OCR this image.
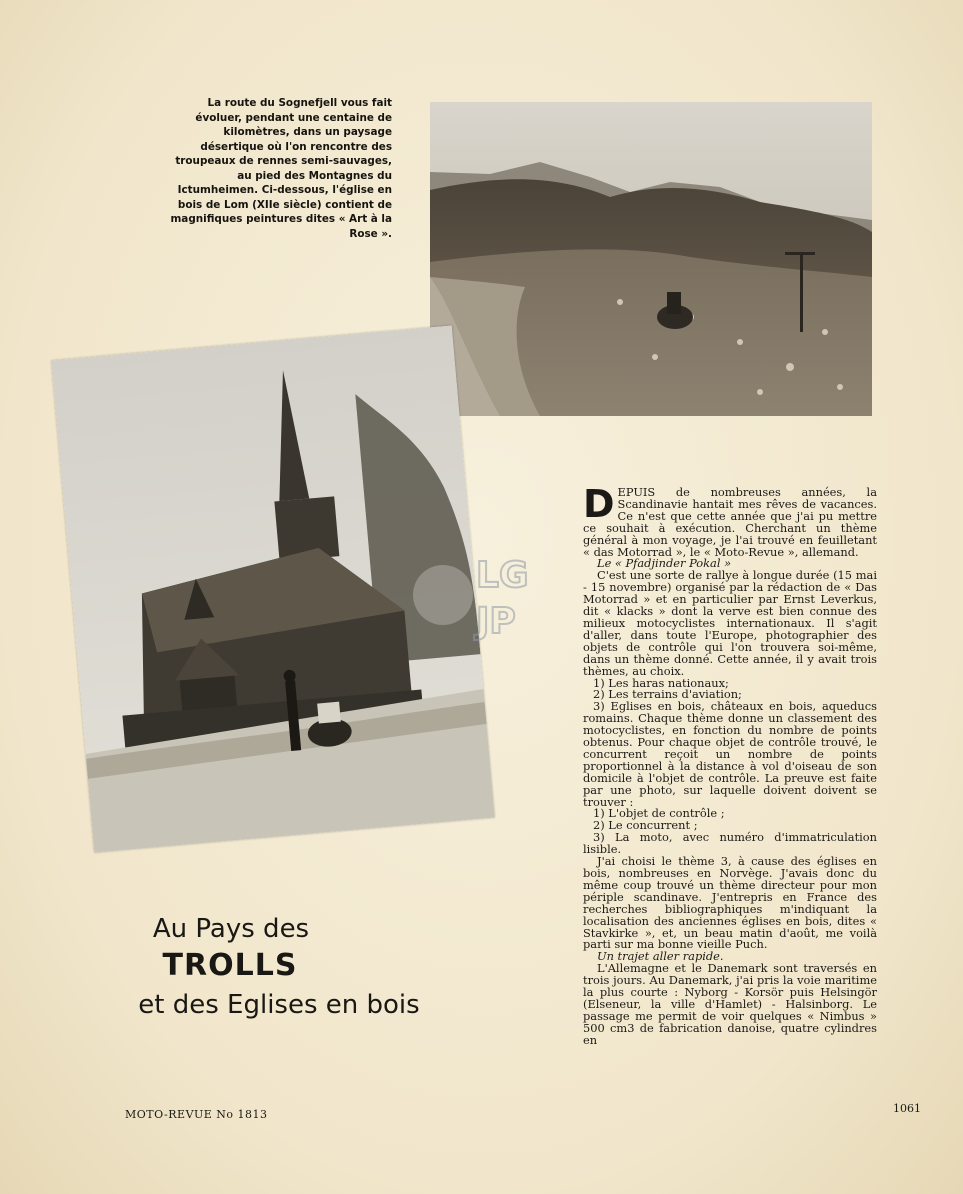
La route du Sognefjell vous fait évoluer, pendant une centaine de kilomètres, dans un paysage désertique où l'on rencontre des troupeaux de rennes semi-sauvages, au pied des Montagnes du Ictumheimen. Ci-dessous, l'église en bois de Lom (XIIe siècle) contient de magnifiques peintures dites « Art à la Rose ».
LG
JP
Au Pays des
TROLLS
et des Eglises en bois

DEPUIS de nombreuses années, la Scandinavie hantait mes rêves de vacances. Ce n'est que cette année que j'ai pu mettre ce souhait à exécution. Cherchant un thème général à mon voyage, je l'ai trouvé en feuilletant « das Motorrad », le « Moto-Revue », allemand.

Le « Pfadjinder Pokal »

C'est une sorte de rallye à longue durée (15 mai - 15 novembre) organisé par la rédaction de « Das Motorrad » et en particulier par Ernst Leverkus, dit « klacks » dont la verve est bien connue des milieux motocyclistes internationaux. Il s'agit d'aller, dans toute l'Europe, photographier des objets de contrôle qui l'on trouvera soi-même, dans un thème donné. Cette année, il y avait trois thèmes, au choix.

1) Les haras nationaux;

2) Les terrains d'aviation;

3) Eglises en bois, châteaux en bois, aqueducs romains. Chaque thème donne un classement des motocyclistes, en fonction du nombre de points obtenus. Pour chaque objet de contrôle trouvé, le concurrent reçoit un nombre de points proportionnel à la distance à vol d'oiseau de son domicile à l'objet de contrôle. La preuve est faite par une photo, sur laquelle doivent doivent se trouver :

1) L'objet de contrôle ;

2) Le concurrent ;

3) La moto, avec numéro d'immatriculation lisible.

J'ai choisi le thème 3, à cause des églises en bois, nombreuses en Norvège. J'avais donc du même coup trouvé un thème directeur pour mon périple scandinave. J'entrepris en France des recherches bibliographiques m'indiquant la localisation des anciennes églises en bois, dites « Stavkirke », et, un beau matin d'août, me voilà parti sur ma bonne vieille Puch.

Un trajet aller rapide.

L'Allemagne et le Danemark sont traversés en trois jours. Au Danemark, j'ai pris la voie maritime la plus courte : Nyborg - Korsör puis Helsingör (Elseneur, la ville d'Hamlet) - Halsinborg. Le passage me permit de voir quelques « Nimbus » 500 cm3 de fabrication danoise, quatre cylindres en

MOTO-REVUE No 1813	1061
